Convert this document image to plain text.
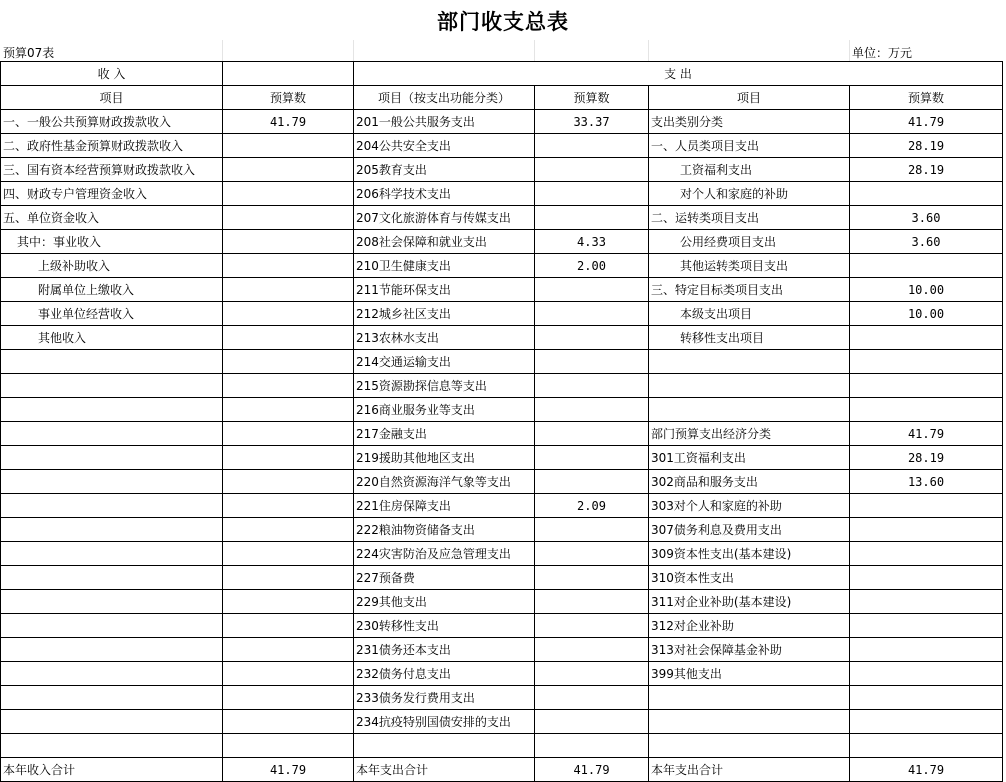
部门收支总表
预算07表	单位：万元
收 入		支 出			
项目	预算数	项目（按支出功能分类）	预算数	项目	预算数
一、一般公共预算财政拨款收入	41.79	201一般公共服务支出	33.37	支出类别分类	41.79
二、政府性基金预算财政拨款收入		204公共安全支出		一、人员类项目支出	28.19
三、国有资本经营预算财政拨款收入		205教育支出		工资福利支出	28.19
四、财政专户管理资金收入		206科学技术支出		对个人和家庭的补助	
五、单位资金收入		207文化旅游体育与传媒支出		二、运转类项目支出	3.60
其中：事业收入		208社会保障和就业支出	4.33	公用经费项目支出	3.60
上级补助收入		210卫生健康支出	2.00	其他运转类项目支出	
附属单位上缴收入		211节能环保支出		三、特定目标类项目支出	10.00
事业单位经营收入		212城乡社区支出		本级支出项目	10.00
其他收入		213农林水支出		转移性支出项目	
		214交通运输支出			
		215资源勘探信息等支出			
		216商业服务业等支出			
		217金融支出		部门预算支出经济分类	41.79
		219援助其他地区支出		301工资福利支出	28.19
		220自然资源海洋气象等支出		302商品和服务支出	13.60
		221住房保障支出	2.09	303对个人和家庭的补助	
		222粮油物资储备支出		307债务利息及费用支出	
		224灾害防治及应急管理支出		309资本性支出(基本建设)	
		227预备费		310资本性支出	
		229其他支出		311对企业补助(基本建设)	
		230转移性支出		312对企业补助	
		231债务还本支出		313对社会保障基金补助	
		232债务付息支出		399其他支出	
		233债务发行费用支出			
		234抗疫特别国债安排的支出			

本年收入合计	41.79	本年支出合计	41.79	本年支出合计	41.79
